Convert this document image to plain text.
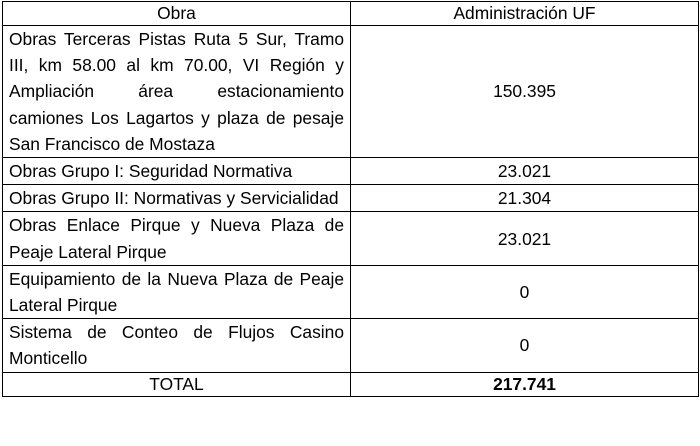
Obra	Administración UF
Obras Terceras Pistas Ruta 5 Sur, Tramo III, km 58.00 al km 70.00, VI Región y Ampliación área estacionamiento camiones Los Lagartos y plaza de pesaje San Francisco de Mostaza	150.395
Obras Grupo I: Seguridad Normativa	23.021
Obras Grupo II: Normativas y Servicialidad	21.304
Obras Enlace Pirque y Nueva Plaza de Peaje Lateral Pirque	23.021
Equipamiento de la Nueva Plaza de Peaje Lateral Pirque	0
Sistema de Conteo de Flujos Casino Monticello	0
TOTAL	217.741
